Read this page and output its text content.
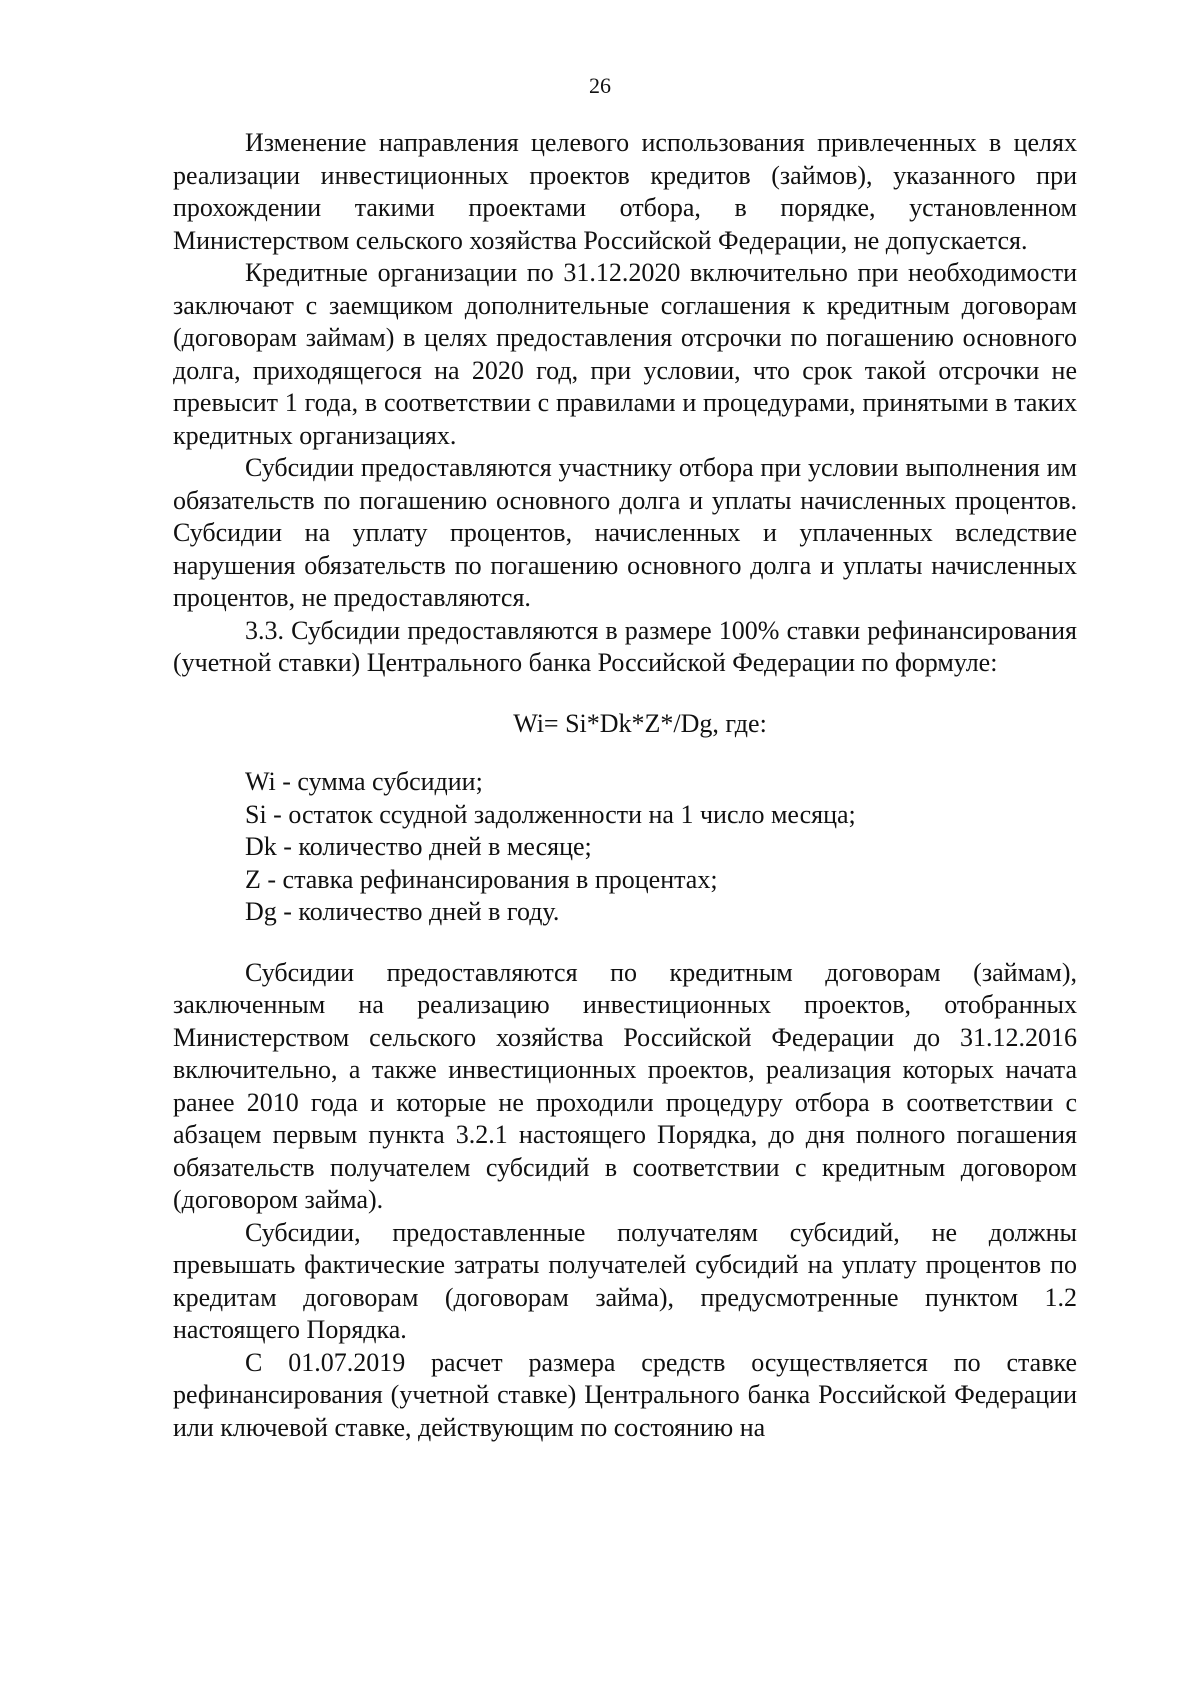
26

Изменение направления целевого использования привлеченных в целях реализации инвестиционных проектов кредитов (займов), указанного при прохождении такими проектами отбора, в порядке, установленном Министерством сельского хозяйства Российской Федерации, не допускается.

Кредитные организации по 31.12.2020 включительно при необходимости заключают с заемщиком дополнительные соглашения к кредитным договорам (договорам займам) в целях предоставления отсрочки по погашению основного долга, приходящегося на 2020 год, при условии, что срок такой отсрочки не превысит 1 года, в соответствии с правилами и процедурами, принятыми в таких кредитных организациях.

Субсидии предоставляются участнику отбора при условии выполнения им обязательств по погашению основного долга и уплаты начисленных процентов. Субсидии на уплату процентов, начисленных и уплаченных вследствие нарушения обязательств по погашению основного долга и уплаты начисленных процентов, не предоставляются.

3.3. Субсидии предоставляются в размере 100% ставки рефинансирования (учетной ставки) Центрального банка Российской Федерации по формуле:

Wi= Si*Dk*Z*/Dg, где:

Wi - сумма субсидии;
Si - остаток ссудной задолженности на 1 число месяца;
Dk - количество дней в месяце;
Z - ставка рефинансирования в процентах;
Dg - количество дней в году.

Субсидии предоставляются по кредитным договорам (займам), заключенным на реализацию инвестиционных проектов, отобранных Министерством сельского хозяйства Российской Федерации до 31.12.2016 включительно, а также инвестиционных проектов, реализация которых начата ранее 2010 года и которые не проходили процедуру отбора в соответствии с абзацем первым пункта 3.2.1 настоящего Порядка, до дня полного погашения обязательств получателем субсидий в соответствии с кредитным договором (договором займа).

Субсидии, предоставленные получателям субсидий, не должны превышать фактические затраты получателей субсидий на уплату процентов по кредитам договорам (договорам займа), предусмотренные пунктом 1.2 настоящего Порядка.

С 01.07.2019 расчет размера средств осуществляется по ставке рефинансирования (учетной ставке) Центрального банка Российской Федерации или ключевой ставке, действующим по состоянию на
